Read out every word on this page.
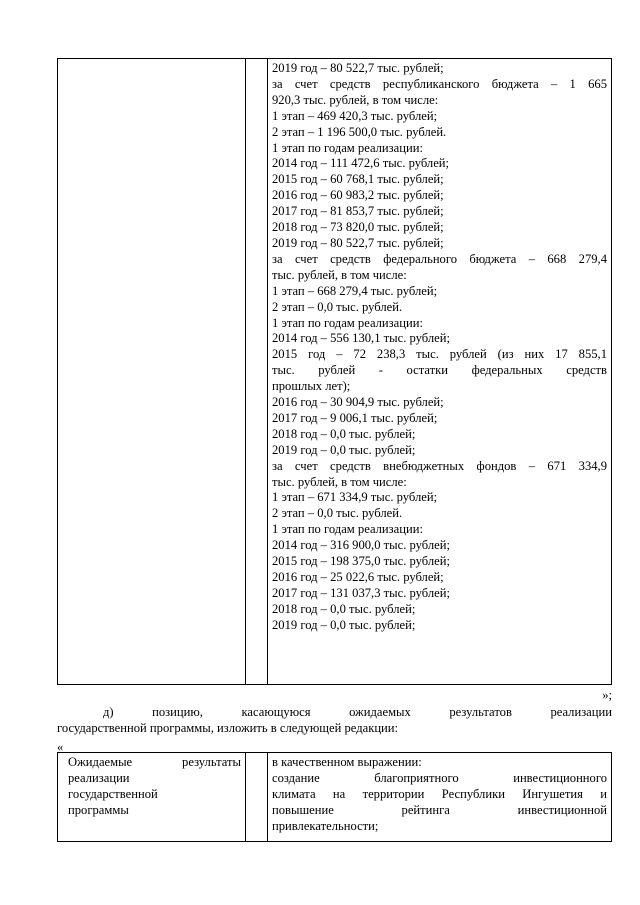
2019 год – 80 522,7 тыс. рублей;
за счет средств республиканского бюджета – 1 665
920,3 тыс. рублей, в том числе:
1 этап – 469 420,3 тыс. рублей;
2 этап – 1 196 500,0 тыс. рублей.
1 этап по годам реализации:
2014 год – 111 472,6 тыс. рублей;
2015 год – 60 768,1 тыс. рублей;
2016 год – 60 983,2 тыс. рублей;
2017 год – 81 853,7 тыс. рублей;
2018 год – 73 820,0 тыс. рублей;
2019 год – 80 522,7 тыс. рублей;
за счет средств федерального бюджета – 668 279,4
тыс. рублей, в том числе:
1 этап – 668 279,4 тыс. рублей;
2 этап – 0,0 тыс. рублей.
1 этап по годам реализации:
2014 год – 556 130,1 тыс. рублей;
2015 год – 72 238,3 тыс. рублей (из них 17 855,1
тыс. рублей - остатки федеральных средств
прошлых лет);
2016 год – 30 904,9 тыс. рублей;
2017 год – 9 006,1 тыс. рублей;
2018 год – 0,0 тыс. рублей;
2019 год – 0,0 тыс. рублей;
за счет средств внебюджетных фондов – 671 334,9
тыс. рублей, в том числе:
1 этап – 671 334,9 тыс. рублей;
2 этап – 0,0 тыс. рублей.
1 этап по годам реализации:
2014 год – 316 900,0 тыс. рублей;
2015 год – 198 375,0 тыс. рублей;
2016 год – 25 022,6 тыс. рублей;
2017 год – 131 037,3 тыс. рублей;
2018 год – 0,0 тыс. рублей;
2019 год – 0,0 тыс. рублей;
»;
д) позицию, касающуюся ожидаемых результатов реализации
государственной программы, изложить в следующей редакции:
«
Ожидаемые результаты
реализации
государственной
программы

в качественном выражении:
создание благоприятного инвестиционного
климата на территории Республики Ингушетия и
повышение рейтинга инвестиционной
привлекательности;
